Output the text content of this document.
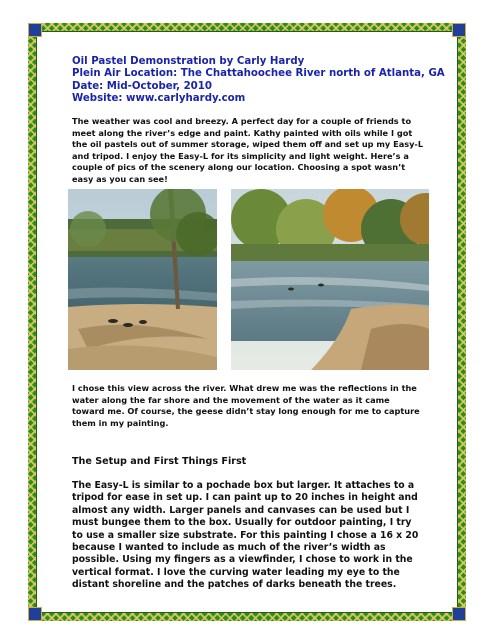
Oil Pastel Demonstration by Carly Hardy
Plein Air Location: The Chattahoochee River north of Atlanta, GA
Date: Mid-October, 2010
Website: www.carlyhardy.com

The weather was cool and breezy. A perfect day for a couple of friends to meet along the river’s edge and paint. Kathy painted with oils while I got the oil pastels out of summer storage, wiped them off and set up my Easy-L and tripod. I enjoy the Easy-L for its simplicity and light weight. Here’s a couple of pics of the scenery along our location. Choosing a spot wasn’t easy as you can see!

I chose this view across the river. What drew me was the reflections in the water along the far shore and the movement of the water as it came toward me. Of course, the geese didn’t stay long enough for me to capture them in my painting.

The Setup and First Things First

The Easy-L is similar to a pochade box but larger. It attaches to a tripod for ease in set up. I can paint up to 20 inches in height and almost any width. Larger panels and canvases can be used but I must bungee them to the box. Usually for outdoor painting, I try to use a smaller size substrate. For this painting I chose a 16 x 20 because I wanted to include as much of the river’s width as possible. Using my fingers as a viewfinder, I chose to work in the vertical format. I love the curving water leading my eye to the distant shoreline and the patches of darks beneath the trees.
